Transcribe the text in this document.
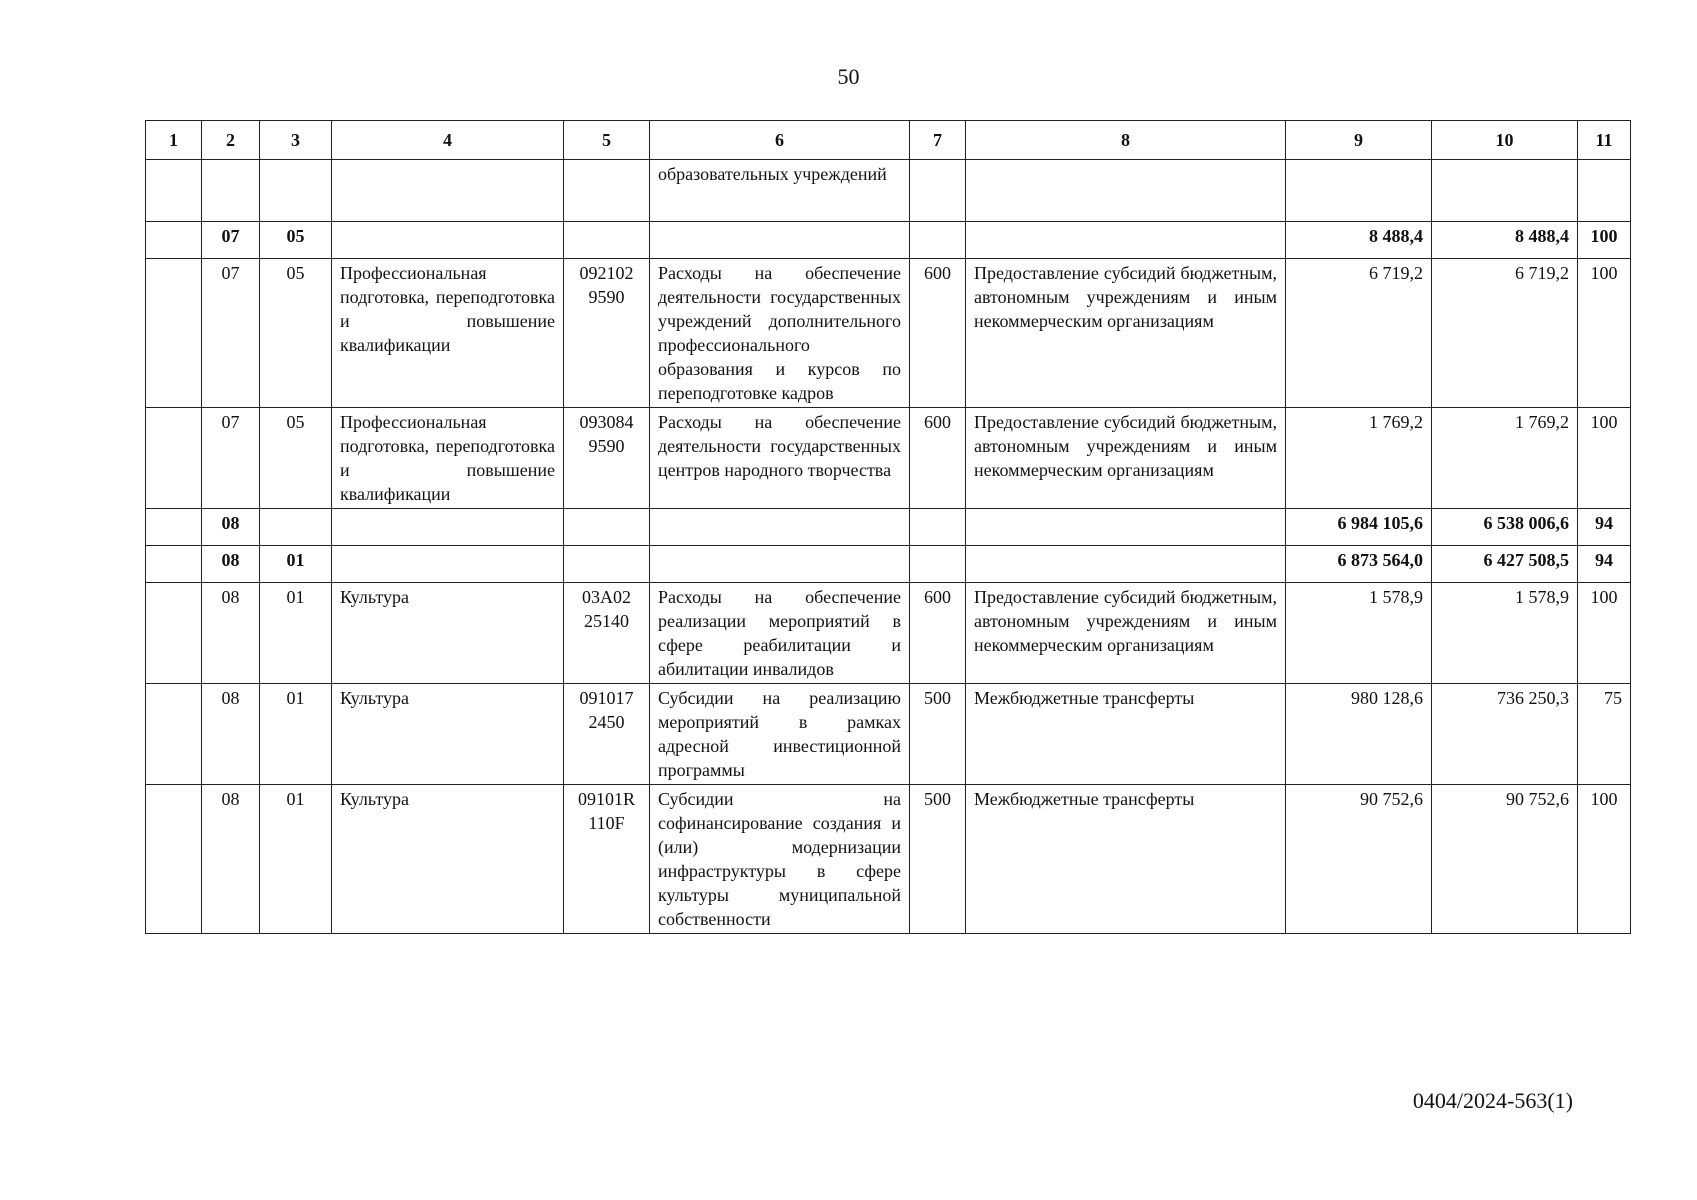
50
1	2	3	4	5	6	7	8	9	10	11
					образовательных учреждений					
	07	05						8 488,4	8 488,4	100
	07	05	Профессиональная подготовка, переподготовка и повышение квалификации	092102 9590	Расходы на обеспечение деятельности государственных учреждений дополнительного профессионального образования и курсов по переподготовке кадров	600	Предоставление субсидий бюджетным, автономным учреждениям и иным некоммерческим организациям	6 719,2	6 719,2	100
	07	05	Профессиональная подготовка, переподготовка и повышение квалификации	093084 9590	Расходы на обеспечение деятельности государственных центров народного творчества	600	Предоставление субсидий бюджетным, автономным учреждениям и иным некоммерческим организациям	1 769,2	1 769,2	100
	08							6 984 105,6	6 538 006,6	94
	08	01						6 873 564,0	6 427 508,5	94
	08	01	Культура	03А02 25140	Расходы на обеспечение реализации мероприятий в сфере реабилитации и абилитации инвалидов	600	Предоставление субсидий бюджетным, автономным учреждениям и иным некоммерческим организациям	1 578,9	1 578,9	100
	08	01	Культура	091017 2450	Субсидии на реализацию мероприятий в рамках адресной инвестиционной программы	500	Межбюджетные трансферты	980 128,6	736 250,3	75
	08	01	Культура	09101R 110F	Субсидии на софинансирование создания и (или) модернизации инфраструктуры в сфере культуры муниципальной собственности	500	Межбюджетные трансферты	90 752,6	90 752,6	100
0404/2024-563(1)
